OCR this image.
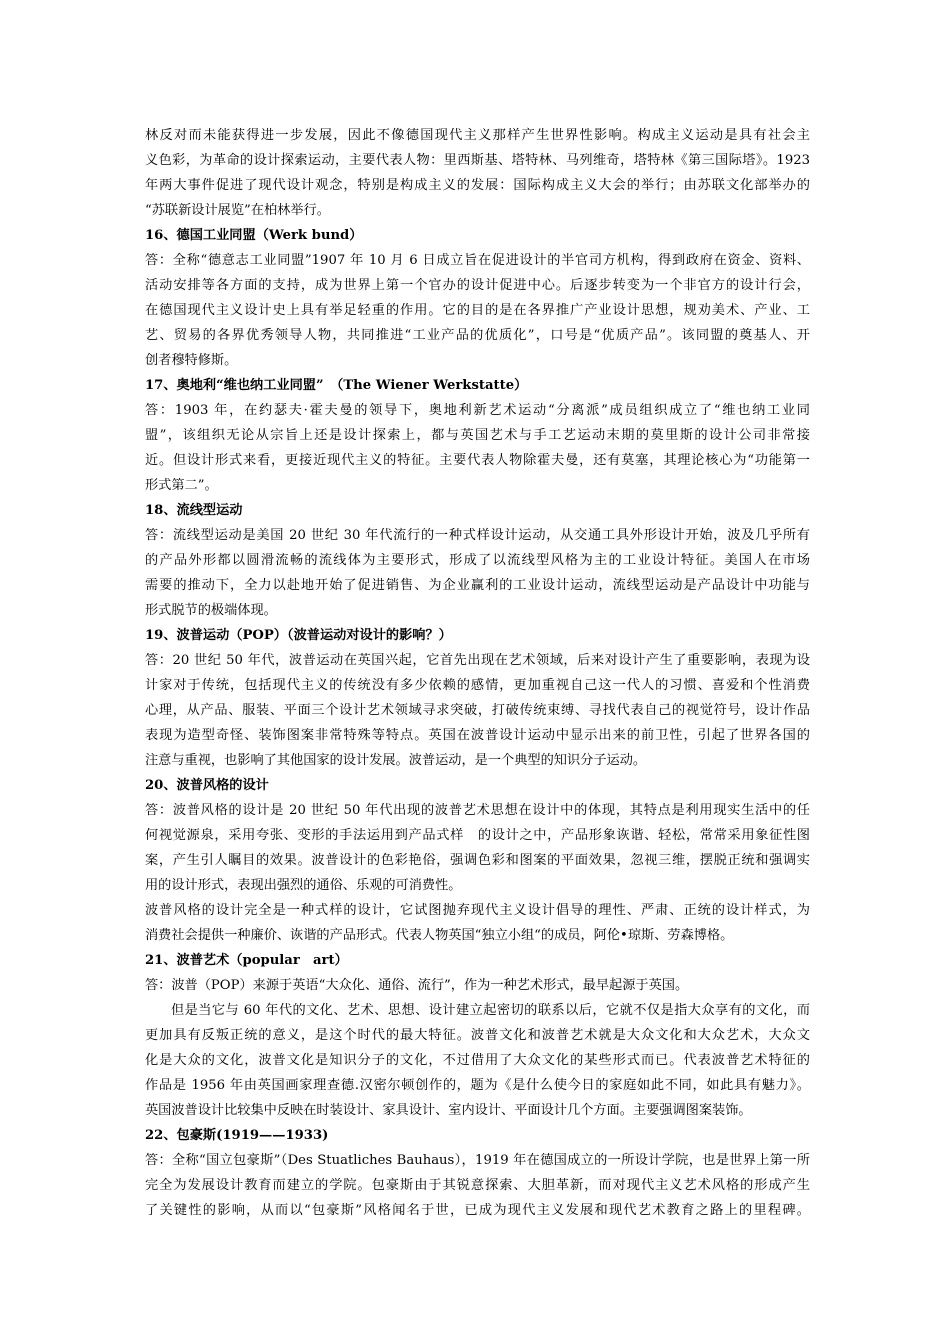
林反对而未能获得进一步发展，因此不像德国现代主义那样产生世界性影响。构成主义运动是具有社会主
义色彩，为革命的设计探索运动，主要代表人物：里西斯基、塔特林、马列维奇，塔特林《第三国际塔》。1923
年两大事件促进了现代设计观念，特别是构成主义的发展：国际构成主义大会的举行；由苏联文化部举办的
“苏联新设计展览”在柏林举行。
16、德国工业同盟（Werk bund）
答：全称“德意志工业同盟”1907 年 10 月 6 日成立旨在促进设计的半官司方机构，得到政府在资金、资料、
活动安排等各方面的支持，成为世界上第一个官办的设计促进中心。后逐步转变为一个非官方的设计行会，
在德国现代主义设计史上具有举足轻重的作用。它的目的是在各界推广产业设计思想，规劝美术、产业、工
艺、贸易的各界优秀领导人物，共同推进“工业产品的优质化”，口号是“优质产品”。该同盟的奠基人、开
创者穆特修斯。
17、奥地利“维也纳工业同盟”　（The Wiener Werkstatte）
答：1903 年，在约瑟夫·霍夫曼的领导下，奥地利新艺术运动“分离派”成员组织成立了“维也纳工业同
盟”，该组织无论从宗旨上还是设计探索上，都与英国艺术与手工艺运动末期的莫里斯的设计公司非常接
近。但设计形式来看，更接近现代主义的特征。主要代表人物除霍夫曼，还有莫塞，其理论核心为“功能第一
形式第二”。
18、流线型运动
答：流线型运动是美国 20 世纪 30 年代流行的一种式样设计运动，从交通工具外形设计开始，波及几乎所有
的产品外形都以圆滑流畅的流线体为主要形式，形成了以流线型风格为主的工业设计特征。美国人在市场
需要的推动下，全力以赴地开始了促进销售、为企业赢利的工业设计运动，流线型运动是产品设计中功能与
形式脱节的极端体现。
19、波普运动（POP）（波普运动对设计的影响？）
答：20 世纪 50 年代，波普运动在英国兴起，它首先出现在艺术领域，后来对设计产生了重要影响，表现为设
计家对于传统，包括现代主义的传统没有多少依赖的感情，更加重视自己这一代人的习惯、喜爱和个性消费
心理，从产品、服装、平面三个设计艺术领域寻求突破，打破传统束缚、寻找代表自己的视觉符号，设计作品
表现为造型奇怪、装饰图案非常特殊等特点。英国在波普设计运动中显示出来的前卫性，引起了世界各国的
注意与重视，也影响了其他国家的设计发展。波普运动，是一个典型的知识分子运动。
20、波普风格的设计
答：波普风格的设计是 20 世纪 50 年代出现的波普艺术思想在设计中的体现，其特点是利用现实生活中的任
何视觉源泉，采用夸张、变形的手法运用到产品式样　的设计之中，产品形象诙谐、轻松，常常采用象征性图
案，产生引人瞩目的效果。波普设计的色彩艳俗，强调色彩和图案的平面效果，忽视三维，摆脱正统和强调实
用的设计形式，表现出强烈的通俗、乐观的可消费性。
波普风格的设计完全是一种式样的设计，它试图抛弃现代主义设计倡导的理性、严肃、正统的设计样式，为
消费社会提供一种廉价、诙谐的产品形式。代表人物英国“独立小组“的成员，阿伦•琼斯、劳森博格。
21、波普艺术（popular　art）
答：波普（POP）来源于英语“大众化、通俗、流行”，作为一种艺术形式，最早起源于英国。
但是当它与 60 年代的文化、艺术、思想、设计建立起密切的联系以后，它就不仅是指大众享有的文化，而
更加具有反叛正统的意义，是这个时代的最大特征。波普文化和波普艺术就是大众文化和大众艺术，大众文
化是大众的文化，波普文化是知识分子的文化，不过借用了大众文化的某些形式而已。代表波普艺术特征的
作品是 1956 年由英国画家理查德.汉密尔顿创作的，题为《是什么使今日的家庭如此不同，如此具有魅力》。
英国波普设计比较集中反映在时装设计、家具设计、室内设计、平面设计几个方面。主要强调图案装饰。
22、包豪斯(1919——1933)
答：全称“国立包豪斯”（Des Stuatliches Bauhaus），1919 年在德国成立的一所设计学院，也是世界上第一所
完全为发展设计教育而建立的学院。包豪斯由于其锐意探索、大胆革新，而对现代主义艺术风格的形成产生
了关键性的影响，从而以“包豪斯”风格闻名于世，已成为现代主义发展和现代艺术教育之路上的里程碑。
